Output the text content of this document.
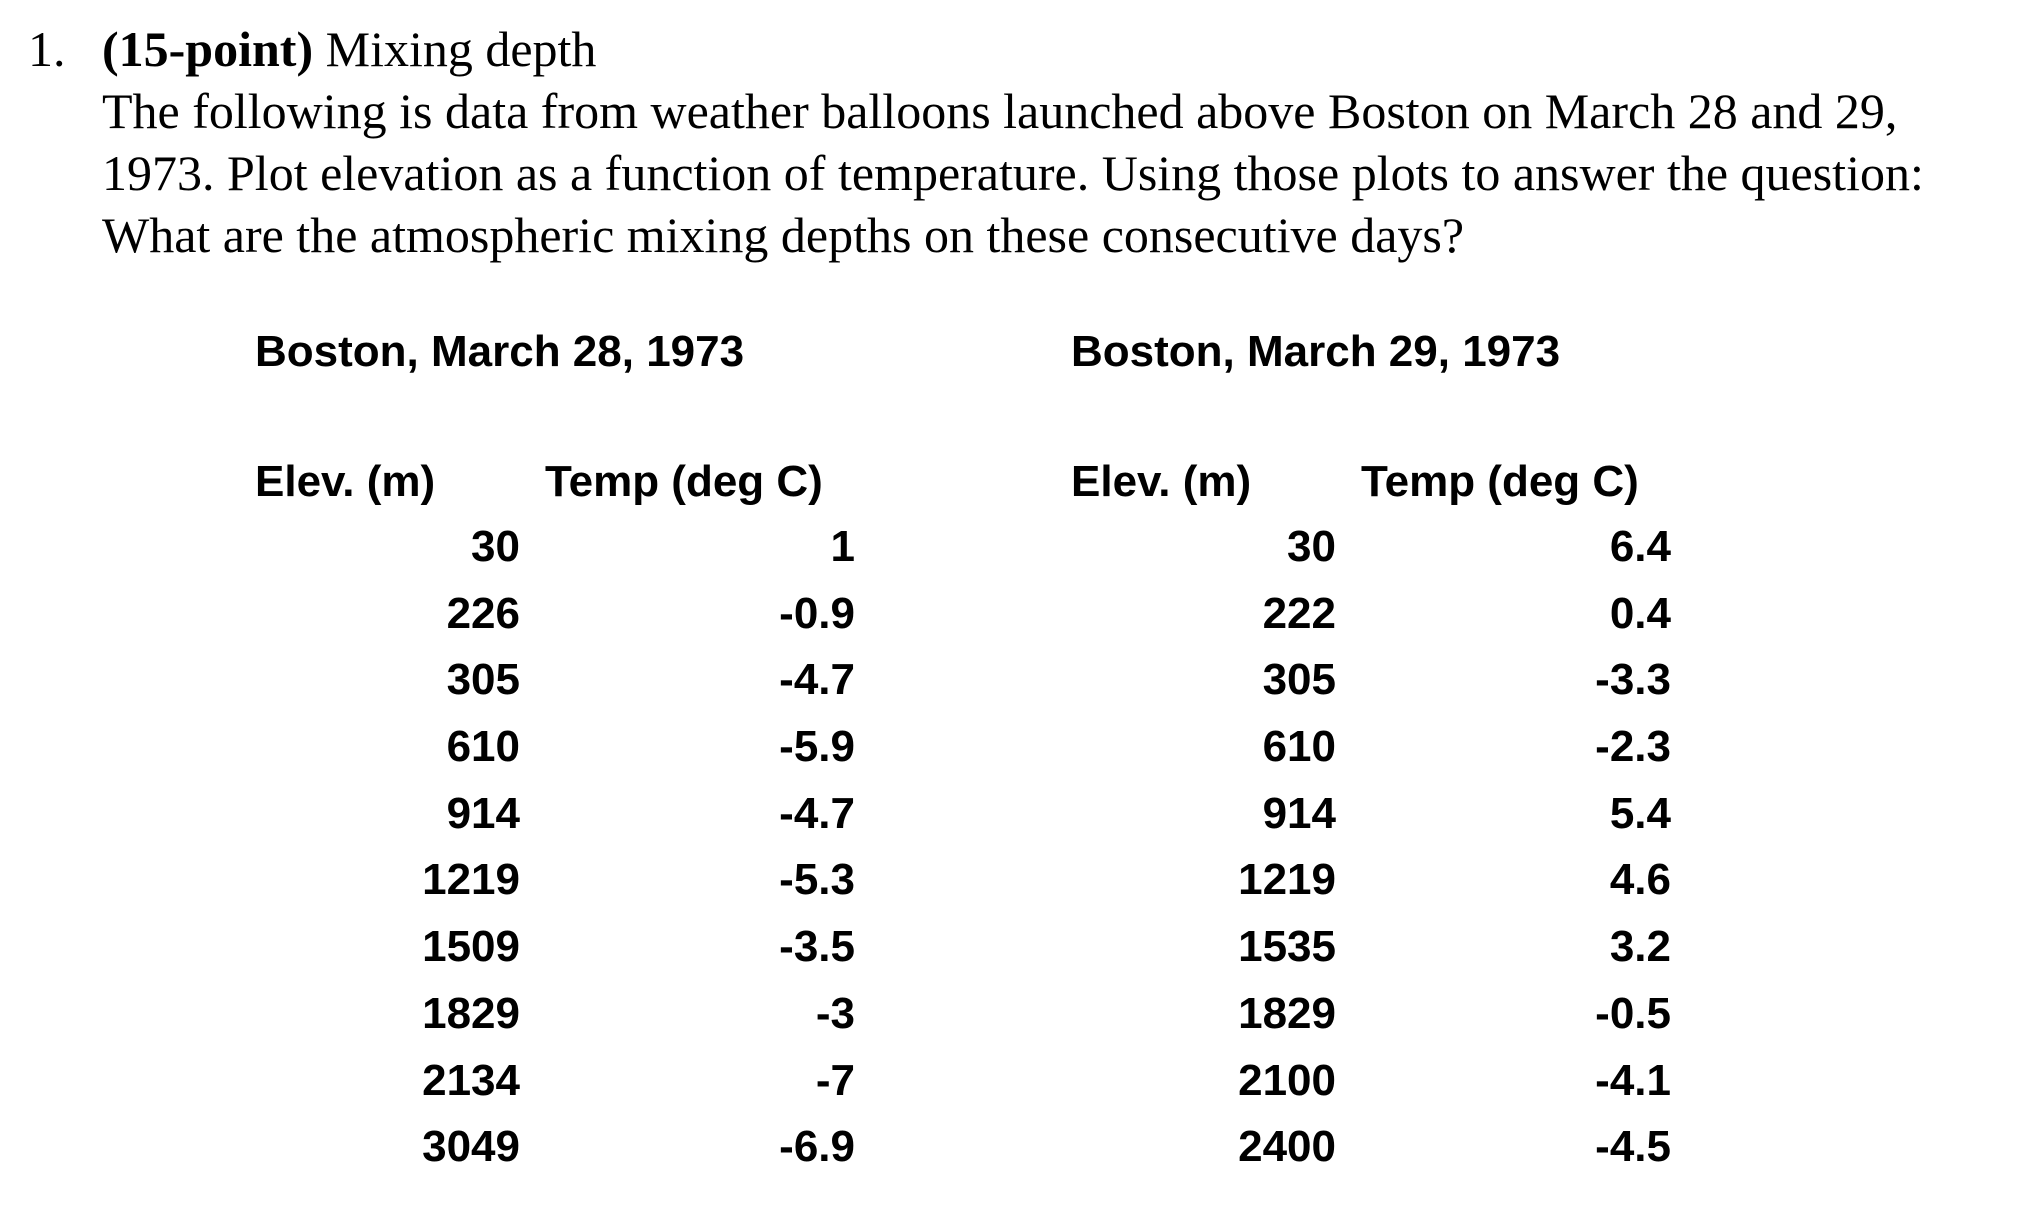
1. (15-point) Mixing depth
The following is data from weather balloons launched above Boston on March 28 and 29, 1973. Plot elevation as a function of temperature. Using those plots to answer the question: What are the atmospheric mixing depths on these consecutive days?
Boston, March 28, 1973
Elev. (m) Temp (deg C)
30	1
226	-0.9
305	-4.7
610	-5.9
914	-4.7
1219	-5.3
1509	-3.5
1829	-3
2134	-7
3049	-6.9
Boston, March 29, 1973
Elev. (m) Temp (deg C)
30	6.4
222	0.4
305	-3.3
610	-2.3
914	5.4
1219	4.6
1535	3.2
1829	-0.5
2100	-4.1
2400	-4.5
